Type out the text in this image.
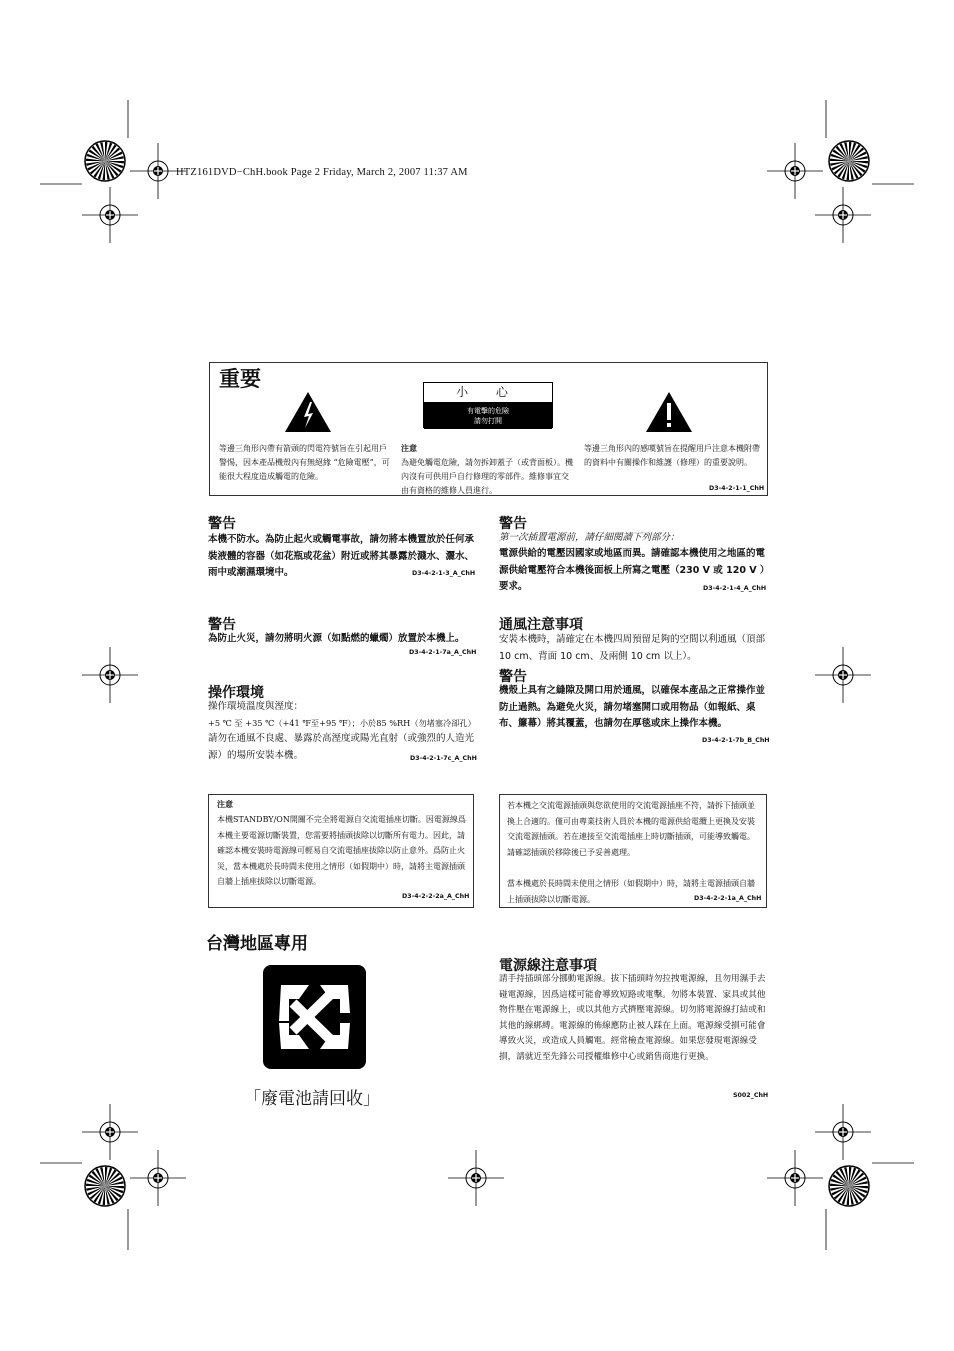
HTZ161DVD−ChH.book Page 2 Friday, March 2, 2007 11:37 AM
重要
小 心
有電擊的危險
請勿打開
等邊三角形內帶有箭頭的閃電符號旨在引起用戶警惕，因本產品機殼內有無絕緣 “危險電壓”，可能很大程度造成觸電的危險。
注意
為避免觸電危險，請勿拆卸蓋子（或背面板）。機內沒有可供用戶自行修理的零部件。維修事宜交由有資格的維修人員進行。
等邊三角形內的感嘆號旨在提醒用戶注意本機附帶的資料中有關操作和維護（修理）的重要說明。
D3-4-2-1-1_ChH
警告
本機不防水。為防止起火或觸電事故，請勿將本機置放於任何承裝液體的容器（如花瓶或花盆）附近或將其暴露於濺水、灑水、雨中或潮濕環境中。	D3-4-2-1-3_A_ChH
警告
第一次插置電源前，請仔細閱讀下列部分：
電源供給的電壓因國家或地區而異。請確認本機使用之地區的電源供給電壓符合本機後面板上所寫之電壓（230 V 或 120 V ）要求。	D3-4-2-1-4_A_ChH
警告
為防止火災，請勿將明火源（如點燃的蠟燭）放置於本機上。
D3-4-2-1-7a_A_ChH
操作環境
操作環境溫度與溼度：
+5 ℃ 至 +35 ℃（+41 ℉至+95 ℉）；小於85 %RH（勿堵塞冷卻孔）
請勿在通風不良處、暴露於高溼度或陽光直射（或強烈的人造光源）的場所安裝本機。	D3-4-2-1-7c_A_ChH
通風注意事項
安裝本機時，請確定在本機四周預留足夠的空間以利通風（頂部 10 cm、背面 10 cm、及兩側 10 cm 以上）。
警告
機殼上具有之縫隙及開口用於通風，以確保本產品之正常操作並防止過熱。為避免火災，請勿堵塞開口或用物品（如報紙、桌布、簾幕）將其覆蓋，也請勿在厚毯或床上操作本機。
D3-4-2-1-7b_B_ChH
注意
本機STANDBY/ON開關不完全將電源自交流電插座切斷。因電源線爲本機主要電源切斷裝置，您需要將插頭拔除以切斷所有電力。因此，請確認本機安裝時電源線可輕易自交流電插座拔除以防止意外。爲防止火災，當本機處於長時間未使用之情形（如假期中）時，請將主電源插頭自牆上插座拔除以切斷電源。
D3-4-2-2-2a_A_ChH
若本機之交流電源插頭與您欲使用的交流電源插座不符，請拆下插頭並換上合適的。僅可由專業技術人員於本機的電源供給電纜上更換及安裝交流電源插頭。若在連接至交流電插座上時切斷插頭，可能導致觸電。請確認插頭於移除後已予妥善處理。
當本機處於長時間未使用之情形（如假期中）時，請將主電源插頭自牆上插頭拔除以切斷電源。	D3-4-2-2-1a_A_ChH
台灣地區專用
「廢電池請回收」
電源線注意事項
請手持插頭部分挪動電源線。拔下插頭時勿拉拽電源線，且勿用濕手去碰電源線，因爲這樣可能會導致短路或電擊。勿將本裝置、家具或其他物件壓在電源線上，或以其他方式擠壓電源線。切勿將電源線打結或和其他的線綁縛。電源線的佈線應防止被人踩在上面。電源線受損可能會導致火災，或造成人員觸電。經常檢查電源線。如果您發現電源線受損，請就近至先鋒公司授權維修中心或銷售商進行更換。
S002_ChH
